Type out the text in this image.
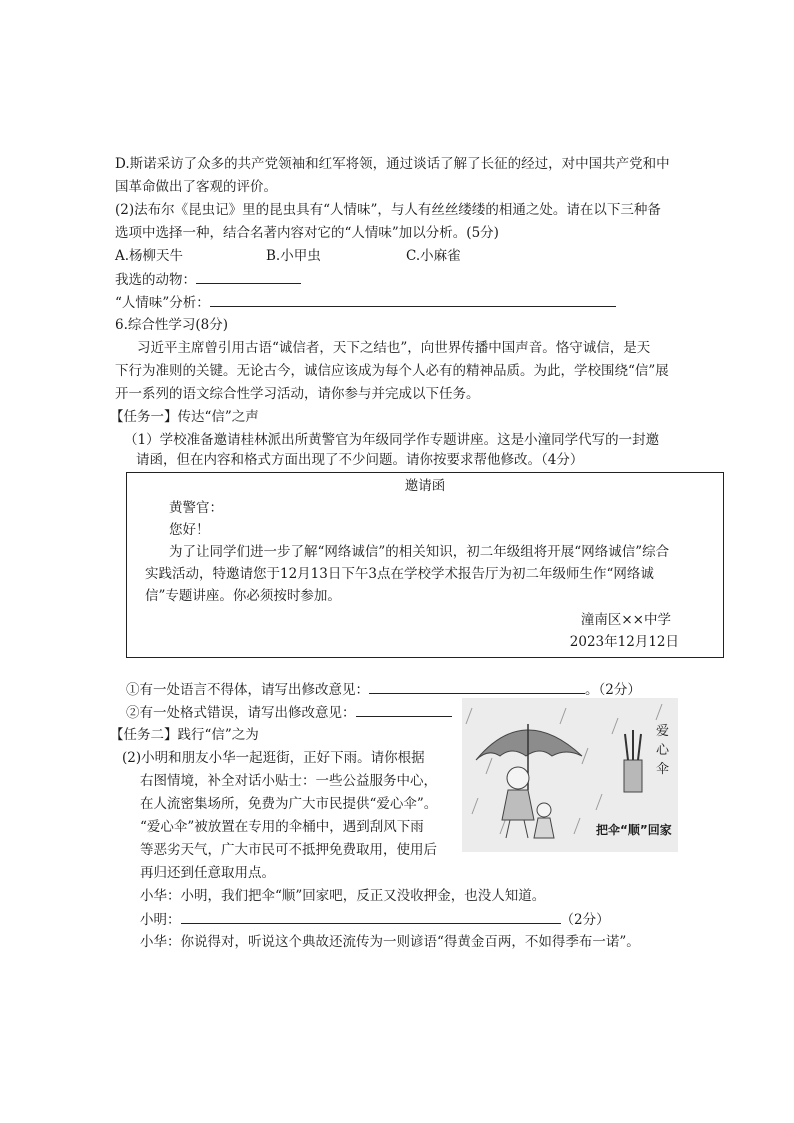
D.斯诺采访了众多的共产党领袖和红军将领，通过谈话了解了长征的经过，对中国共产党和中
国革命做出了客观的评价。
(2)法布尔《昆虫记》里的昆虫具有“人情味”，与人有丝丝缕缕的相通之处。请在以下三种备
选项中选择一种，结合名著内容对它的“人情味”加以分析。(5分)
A.杨柳天牛	B.小甲虫	C.小麻雀
我选的动物：
“人情味”分析：
6.综合性学习(8分)
习近平主席曾引用古语“诚信者，天下之结也”，向世界传播中国声音。恪守诚信，是天
下行为准则的关键。无论古今，诚信应该成为每个人必有的精神品质。为此，学校围绕“信”展
开一系列的语文综合性学习活动，请你参与并完成以下任务。
【任务一】传达“信”之声
（1）学校准备邀请桂林派出所黄警官为年级同学作专题讲座。这是小潼同学代写的一封邀
请函，但在内容和格式方面出现了不少问题。请你按要求帮他修改。（4分）
邀请函
黄警官：
您好！
为了让同学们进一步了解“网络诚信”的相关知识，初二年级组将开展“网络诚信”综合
实践活动，特邀请您于12月13日下午3点在学校学术报告厅为初二年级师生作“网络诚
信”专题讲座。你必须按时参加。
潼南区××中学
2023年12月12日
①有一处语言不得体，请写出修改意见：	。（2分）
②有一处格式错误，请写出修改意见：
【任务二】践行“信”之为
(2)小明和朋友小华一起逛街，正好下雨。请你根据
右图情境，补全对话小贴士：一些公益服务中心，
在人流密集场所，免费为广大市民提供“爱心伞”。
“爱心伞”被放置在专用的伞桶中，遇到刮风下雨
等恶劣天气，广大市民可不抵押免费取用，使用后
再归还到任意取用点。
爱
心
伞
把伞“顺”回家
小华：小明，我们把伞“顺”回家吧，反正又没收押金，也没人知道。
小明：	（2分）
小华：你说得对，听说这个典故还流传为一则谚语“得黄金百两，不如得季布一诺”。
